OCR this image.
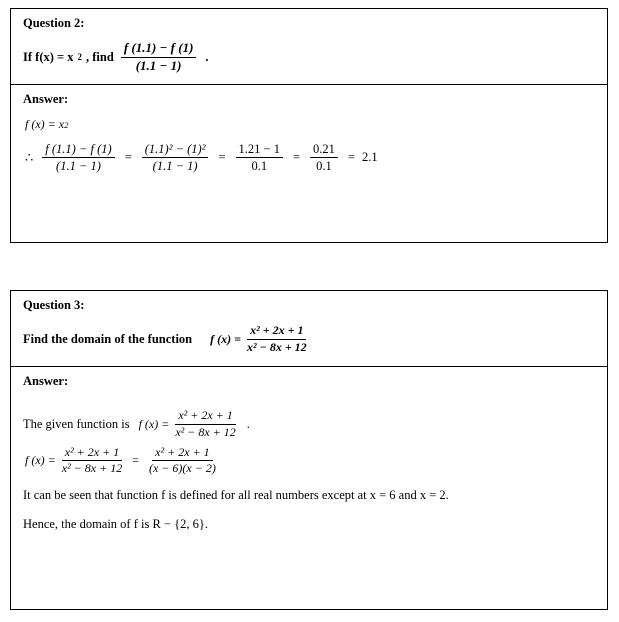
Question 2:
If f(x) = x 2 , find $\frac{f (1.1) - f (1)}{(1.1 - 1)}$ .
Answer:
f (x) = x 2
∴ $\frac{f (1.1) - f (1)}{(1.1 - 1)} = \frac{\text{(1.1)² − (1)²}}{(1.1 - 1)} = \frac{1.21 - 1}{0.1} = \frac{0.21}{0.1} = 2.1$
Question 3:
Find the domain of the function f $(x) = \frac{\text{x² + 2x + 1}}{\text{x² − 8x + 12}}$
Answer:
The given function is f $(x) = \frac{\text{x² + 2x + 1}}{\text{x² − 8x + 12}}$ .
f $(x) = \frac{\text{x² + 2x + 1}}{\text{x² − 8x + 12}} = \frac{\text{x² + 2x + 1}}{(x - 6)(x - 2)}$
It can be seen that function f is defined for all real numbers except at x = 6 and x = 2.
Hence, the domain of f is R − {2, 6}.
